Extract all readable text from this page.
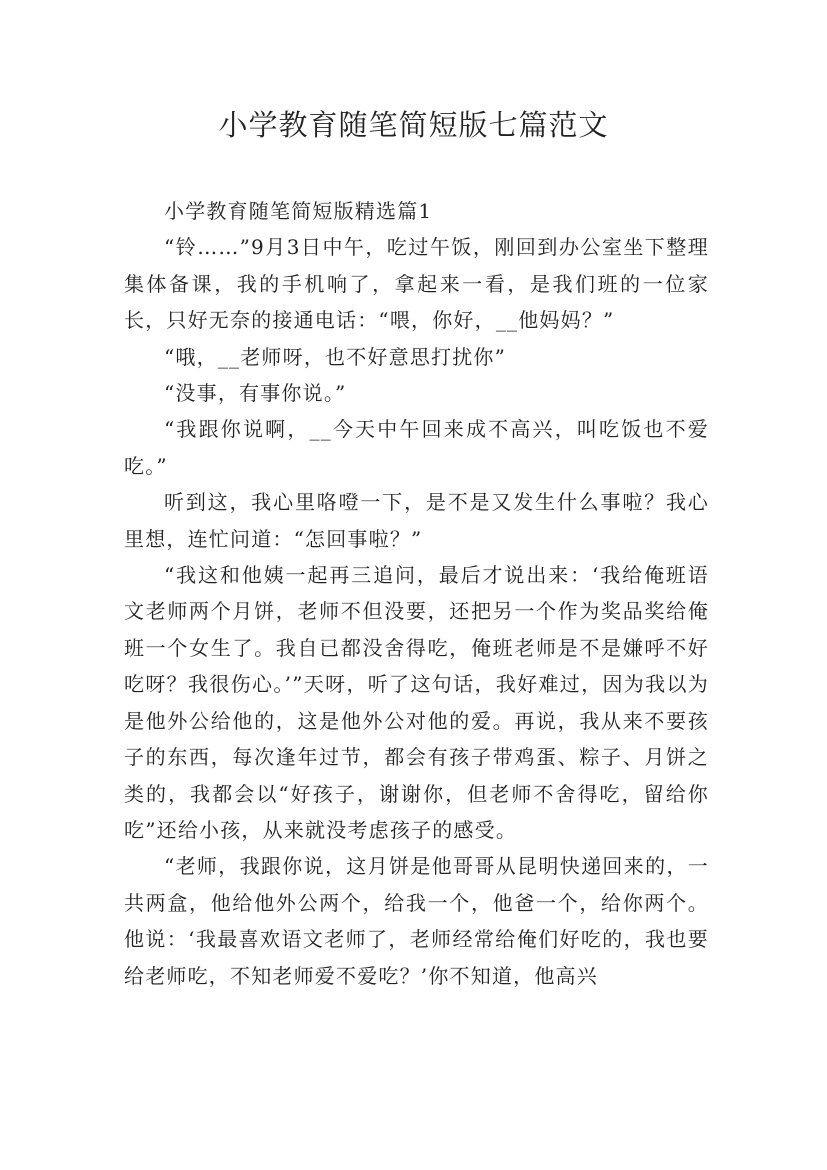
小学教育随笔简短版七篇范文

小学教育随笔简短版精选篇1

“铃……”9月3日中午，吃过午饭，刚回到办公室坐下整理集体备课，我的手机响了，拿起来一看，是我们班的一位家长，只好无奈的接通电话：“喂，你好，__他妈妈？”

“哦，__老师呀，也不好意思打扰你”

“没事，有事你说。”

“我跟你说啊，__今天中午回来成不高兴，叫吃饭也不爱吃。”

听到这，我心里咯噔一下，是不是又发生什么事啦？我心里想，连忙问道：“怎回事啦？”

“我这和他姨一起再三追问，最后才说出来：‘我给俺班语文老师两个月饼，老师不但没要，还把另一个作为奖品奖给俺班一个女生了。我自已都没舍得吃，俺班老师是不是嫌呼不好吃呀？我很伤心。’”天呀，听了这句话，我好难过，因为我以为是他外公给他的，这是他外公对他的爱。再说，我从来不要孩子的东西，每次逢年过节，都会有孩子带鸡蛋、粽子、月饼之类的，我都会以“好孩子，谢谢你，但老师不舍得吃，留给你吃”还给小孩，从来就没考虑孩子的感受。

“老师，我跟你说，这月饼是他哥哥从昆明快递回来的，一共两盒，他给他外公两个，给我一个，他爸一个，给你两个。他说：‘我最喜欢语文老师了，老师经常给俺们好吃的，我也要给老师吃，不知老师爱不爱吃？’你不知道，他高兴
